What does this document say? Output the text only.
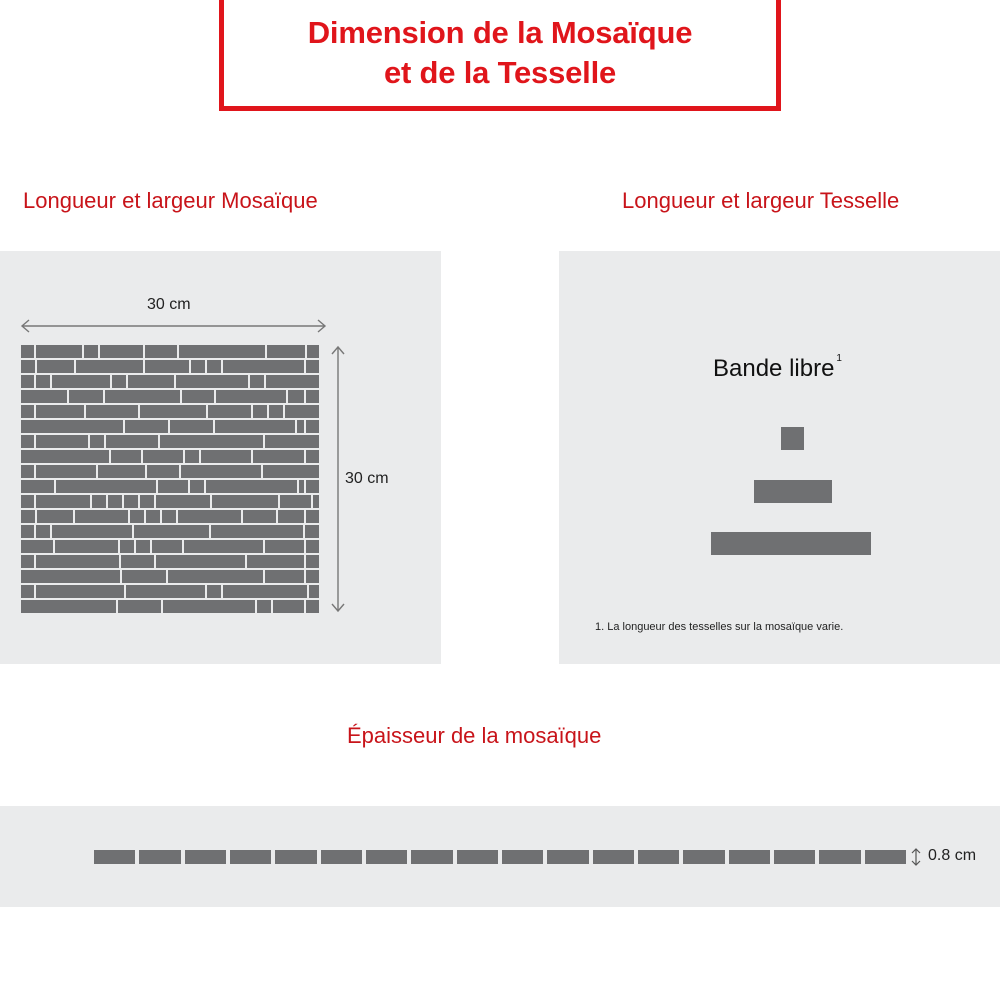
Dimension de la Mosaïque
et de la Tesselle
Longueur et largeur Mosaïque	Longueur et largeur Tesselle
30 cm
30 cm
Bande libre $^1$
1. La longueur des tesselles sur la mosaïque varie.
Épaisseur de la mosaïque
0.8 cm
